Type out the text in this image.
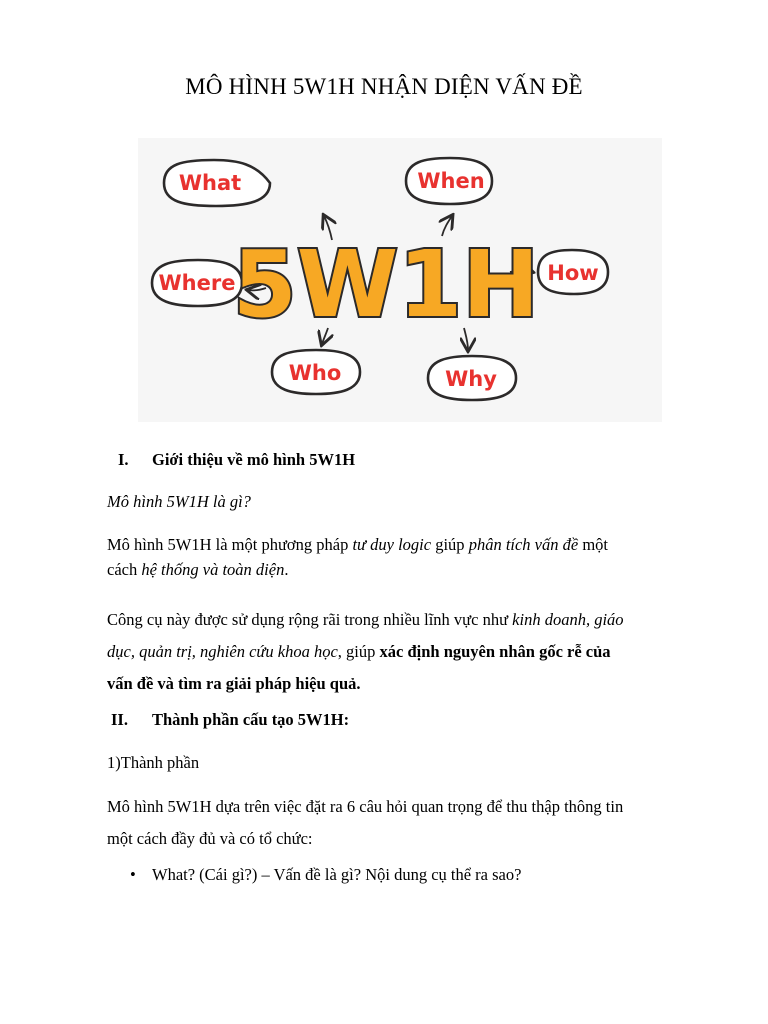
MÔ HÌNH 5W1H NHẬN DIỆN VẤN ĐỀ
What	When
Where	How
Who	Why
5W1H
I. Giới thiệu về mô hình 5W1H
Mô hình 5W1H là gì?
Mô hình 5W1H là một phương pháp tư duy logic giúp phân tích vấn đề một
cách hệ thống và toàn diện.
Công cụ này được sử dụng rộng rãi trong nhiều lĩnh vực như kinh doanh, giáo
dục, quản trị, nghiên cứu khoa học, giúp xác định nguyên nhân gốc rễ của
vấn đề và tìm ra giải pháp hiệu quả.
II. Thành phần cấu tạo 5W1H:
1)Thành phần
Mô hình 5W1H dựa trên việc đặt ra 6 câu hỏi quan trọng để thu thập thông tin
một cách đầy đủ và có tổ chức:
• What? (Cái gì?) – Vấn đề là gì? Nội dung cụ thể ra sao?
